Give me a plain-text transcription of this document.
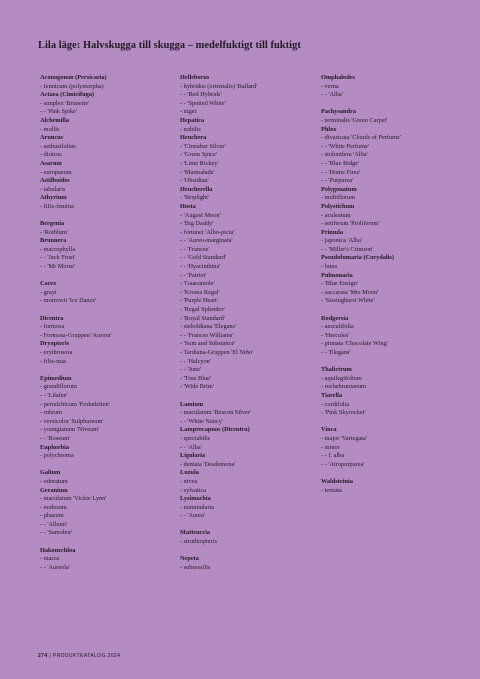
Lila läge: Halvskugga till skugga – medelfuktigt till fuktigt
Aconogonon (Persicaria)
- fennicum (polymorpha)
Actaea (Cimicifuga)
- simplex 'Brunette'
- - 'Pink Spike'
Alchemilla
- mollis
Aruncus
- aethusifolius
- dioicus
Asarum
- europaeum
Astilboides
- tabularis
Athyrium
- filix-femina
Bergenia
- 'Rotblum'
Brunnera
- macrophylla
- - 'Jack Frost'
- - 'Mr Morse'
Carex
- grayi
- morrowii 'Ice Dance'
Dicentra
- formosa
- Formosa-Gruppen 'Aurora'
Dryopteris
- erythrosora
- filix-mas
Epimedium
- grandiflorum
- - 'Lilafee'
- perralchicum 'Frohnleiten'
- rubrum
- versicolor 'Sulphureum'
- youngianum 'Niveum'
- - 'Roseum'
Euphorbia
- polychroma
Galium
- odoratum
Geranium
- maculatum 'Vickie Lynn'
- nodosum
- phaeum
- - 'Album'
- - 'Samobor'
Hakonechloa
- macra
- - 'Aureola'
Helleborus
- hybridus (orientalis) 'Ballard'
- - 'Red Hybrids'
- - 'Spotted White'
- niger
Hepatica
- nobilis
Heuchera
- 'Cinnabar Silver'
- 'Green Spice'
- 'Lime Rickey'
- 'Marmalade'
- 'Obsidian'
Heucherella
- 'Stoplight'
Hosta
- 'August Moon'
- 'Big Daddy'
- fortunei 'Albo-picta'
- - 'Aureo-marginata'
- - 'Francee'
- - 'Gold Standard'
- - 'Hyacinthina'
- - 'Patriot'
- 'Guacamole'
- 'Krossa Regal'
- 'Purple Heart'
- 'Regal Splendor'
- 'Royal Standard'
- sieboldiana 'Elegans'
- - 'Frances Williams'
- 'Sum and Substance'
- Tardiana-Gruppen 'El Niño'
- - 'Halcyon'
- - 'June'
- 'True Blue'
- 'Wide Brim'
Lamium
- maculatum 'Beacon Silver'
- - 'White Nancy'
Lamprocapnos (Dicentra)
- spectabilis
- - 'Alba'
Ligularia
- dentata 'Desdemona'
Luzula
- nivea
- sylvatica
Lysimachia
- nummularia
- - 'Aurea'
Matteuccia
- struthiopteris
Nepeta
- subsessilis
Omphalodes
- verna
- - 'Alba'
Pachysandra
- terminalis 'Green Carpet'
Phlox
- divaricata 'Clouds of Perfume'
- - 'White Perfume'
- stolonifera 'Alba'
- - 'Blue Ridge'
- - 'Home Fires'
- - 'Purpurea'
Polygonatum
- multiflorum
Polystichum
- aculeatum
- setiferum 'Proliferum'
Primula
- japonica 'Alba'
- - 'Miller's Crimson'
Pseudofumaria (Corydalis)
- lutea
Pulmonaria
- 'Blue Ensign'
- saccarata 'Mrs Moon'
- 'Sissinghurst White'
Rodgersia
- aesculifolia
- 'Hercules'
- pinnata 'Chocolate Wing'
- - 'Elegans'
Thalictrum
- aquilegifolium
- rochebrunianum
Tiarella
- cordifolia
- 'Pink Skyrocket'
Vinca
- major 'Variegata'
- minor
- - f. alba
- - 'Atropurpurea'
Waldsteinia
- ternata
274 | PRODUKTKATALOG 2024
